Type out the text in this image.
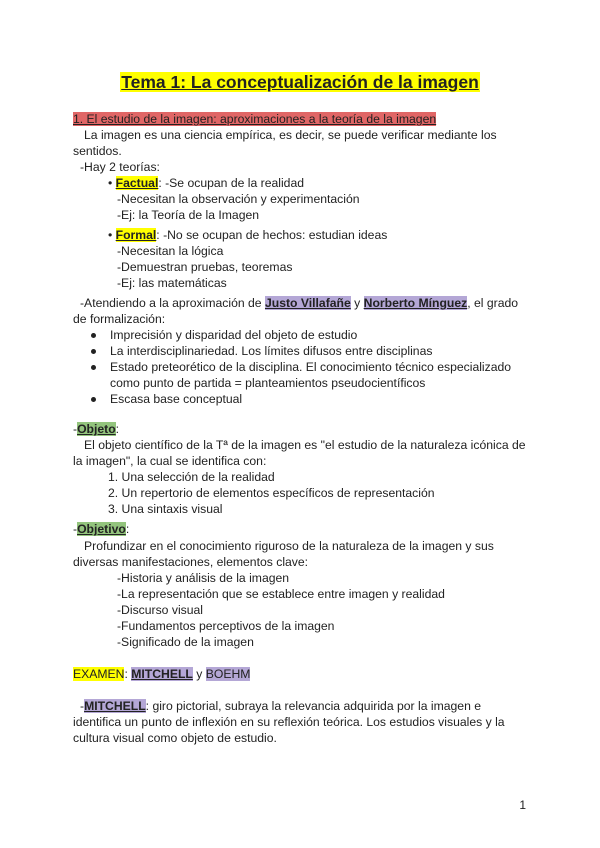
Tema 1: La conceptualización de la imagen
1. El estudio de la imagen: aproximaciones a la teoría de la imagen
La imagen es una ciencia empírica, es decir, se puede verificar mediante los
sentidos.
-Hay 2 teorías:
• Factual: -Se ocupan de la realidad
-Necesitan la observación y experimentación
-Ej: la Teoría de la Imagen
• Formal: -No se ocupan de hechos: estudian ideas
-Necesitan la lógica
-Demuestran pruebas, teoremas
-Ej: las matemáticas
-Atendiendo a la aproximación de Justo Villafañe y Norberto Mínguez, el grado
de formalización:
Imprecisión y disparidad del objeto de estudio
La interdisciplinariedad. Los límites difusos entre disciplinas
Estado preteorético de la disciplina. El conocimiento técnico especializado
como punto de partida = planteamientos pseudocientíficos
Escasa base conceptual
-Objeto:
El objeto científico de la Tª de la imagen es "el estudio de la naturaleza icónica de
la imagen", la cual se identifica con:
1. Una selección de la realidad
2. Un repertorio de elementos específicos de representación
3. Una sintaxis visual
-Objetivo:
Profundizar en el conocimiento riguroso de la naturaleza de la imagen y sus
diversas manifestaciones, elementos clave:
-Historia y análisis de la imagen
-La representación que se establece entre imagen y realidad
-Discurso visual
-Fundamentos perceptivos de la imagen
-Significado de la imagen
EXAMEN: MITCHELL y BOEHM
-MITCHELL: giro pictorial, subraya la relevancia adquirida por la imagen e
identifica un punto de inflexión en su reflexión teórica. Los estudios visuales y la
cultura visual como objeto de estudio.
1
